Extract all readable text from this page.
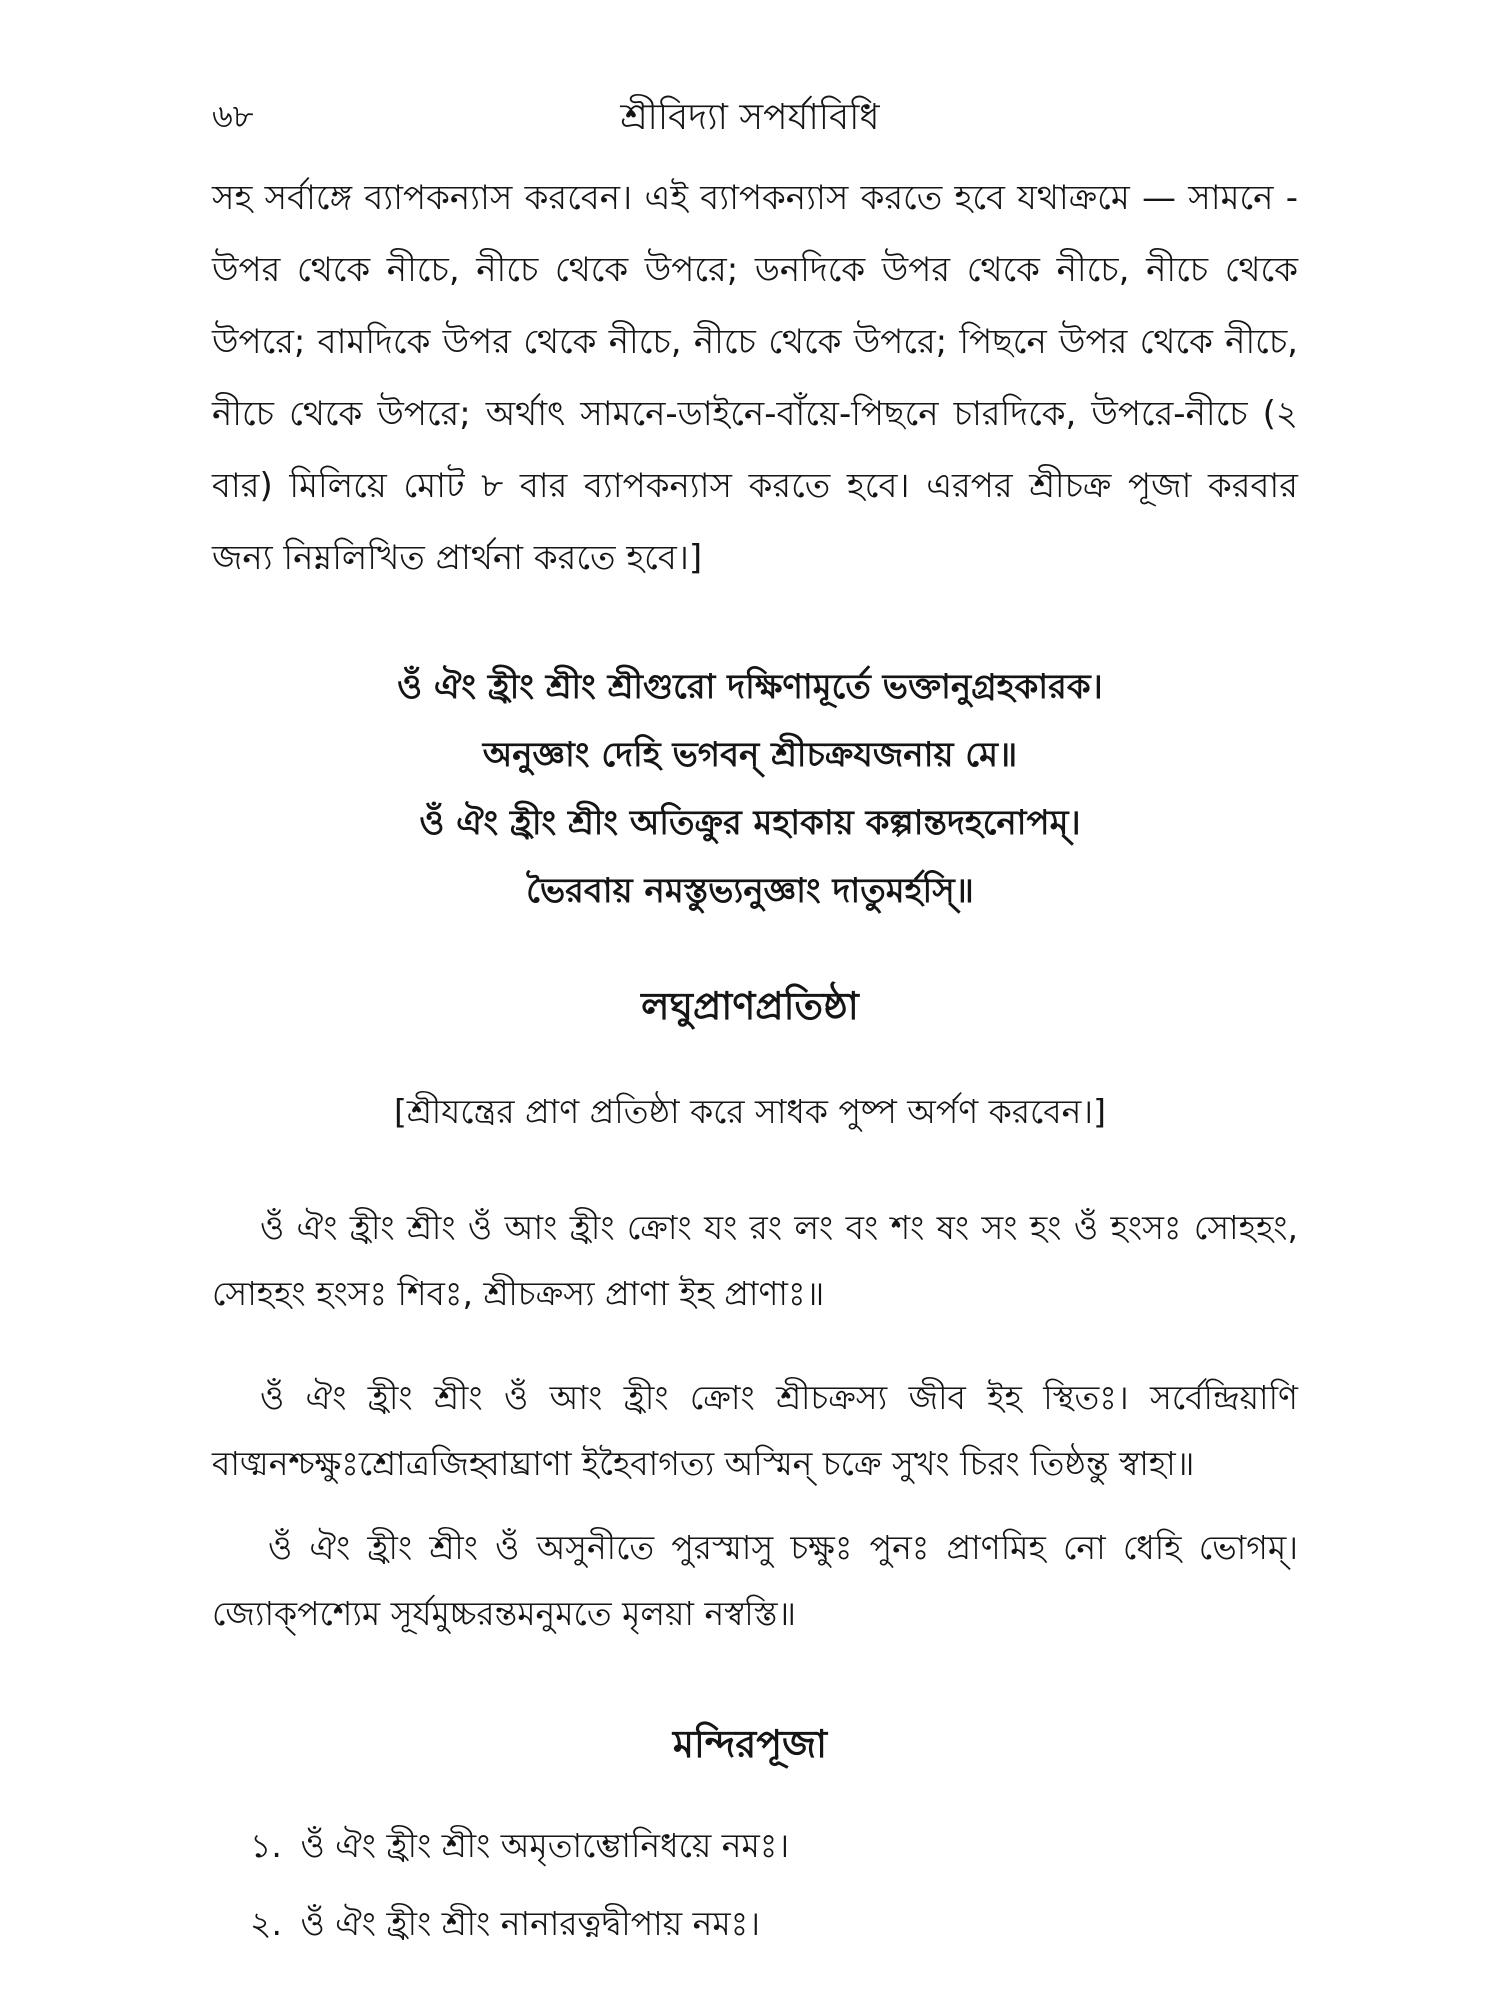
৬৮	শ্রীবিদ্যা সপর্যাবিধি

সহ সর্বাঙ্গে ব্যাপকন্যাস করবেন। এই ব্যাপকন্যাস করতে হবে যথাক্রমে — সামনে - উপর থেকে নীচে, নীচে থেকে উপরে; ডনদিকে উপর থেকে নীচে, নীচে থেকে উপরে; বামদিকে উপর থেকে নীচে, নীচে থেকে উপরে; পিছনে উপর থেকে নীচে, নীচে থেকে উপরে; অর্থাৎ সামনে-ডাইনে-বাঁয়ে-পিছনে চারদিকে, উপরে-নীচে (২ বার) মিলিয়ে মোট ৮ বার ব্যাপকন্যাস করতে হবে। এরপর শ্রীচক্র পূজা করবার জন্য নিম্নলিখিত প্রার্থনা করতে হবে।]

ওঁ ঐং হ্রীং শ্রীং শ্রীগুরো দক্ষিণামূর্তে ভক্তানুগ্রহকারক।

অনুজ্ঞাং দেহি ভগবন্ শ্রীচক্রযজনায় মে॥

ওঁ ঐং হ্রীং শ্রীং অতিক্রুর মহাকায় কল্পান্তদহনোপম্।

ভৈরবায় নমস্তুভ্যনুজ্ঞাং দাতুমর্হসি্॥

লঘুপ্রাণপ্রতিষ্ঠা

[শ্রীযন্ত্রের প্রাণ প্রতিষ্ঠা করে সাধক পুষ্প অর্পণ করবেন।]

ওঁ ঐং হ্রীং শ্রীং ওঁ আং হ্রীং ক্রোং যং রং লং বং শং ষং সং হং ওঁ হংসঃ সোহহং, সোহহং হংসঃ শিবঃ, শ্রীচক্রস্য প্রাণা ইহ প্রাণাঃ॥

ওঁ ঐং হ্রীং শ্রীং ওঁ আং হ্রীং ক্রোং শ্রীচক্রস্য জীব ইহ স্থিতঃ। সর্বেন্দ্রিয়াণি বাঙ্মনশ্চক্ষুঃশ্রোত্রজিহ্বাঘ্রাণা ইহৈবাগত্য অস্মিন্ চক্রে সুখং চিরং তিষ্ঠন্তু স্বাহা॥

ওঁ ঐং হ্রীং শ্রীং ওঁ অসুনীতে পুরস্মাসু চক্ষুঃ পুনঃ প্রাণমিহ নো ধেহি ভোগম্। জ্যোক্পশ্যেম সূর্যমুচ্চরন্তমনুমতে মৃলয়া নস্বস্তি॥

মন্দিরপূজা
১. ওঁ ঐং হ্রীং শ্রীং অমৃতাম্ভোনিধয়ে নমঃ।
২. ওঁ ঐং হ্রীং শ্রীং নানারত্নদ্বীপায় নমঃ।
